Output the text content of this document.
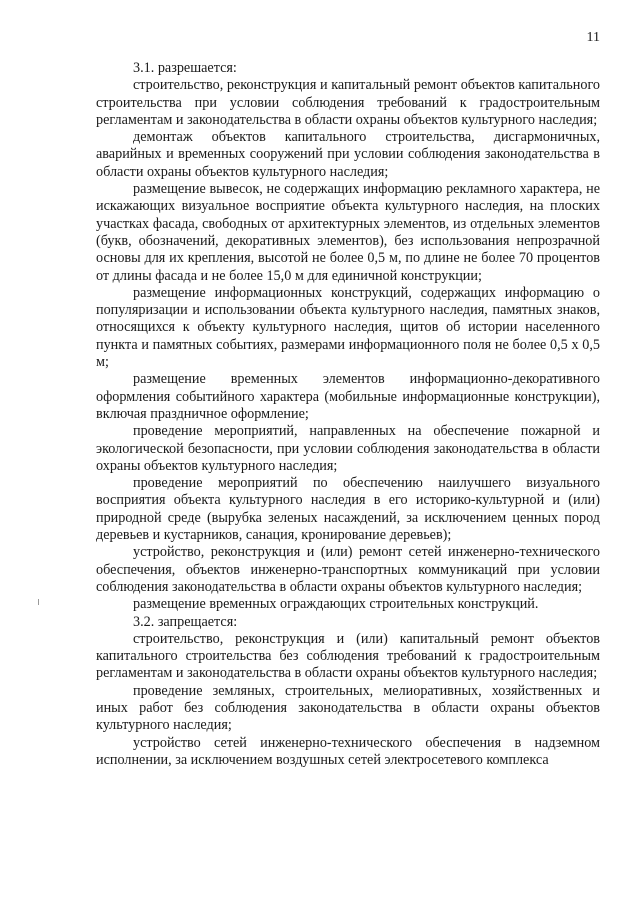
11

3.1. разрешается:

строительство, реконструкция и капитальный ремонт объектов капитального строительства при условии соблюдения требований к градостроительным регламентам и законодательства в области охраны объектов культурного наследия;

демонтаж объектов капитального строительства, дисгармоничных, аварийных и временных сооружений при условии соблюдения законодательства в области охраны объектов культурного наследия;

размещение вывесок, не содержащих информацию рекламного характера, не искажающих визуальное восприятие объекта культурного наследия, на плоских участках фасада, свободных от архитектурных элементов, из отдельных элементов (букв, обозначений, декоративных элементов), без использования непрозрачной основы для их крепления, высотой не более 0,5 м, по длине не более 70 процентов от длины фасада и не более 15,0 м для единичной конструкции;

размещение информационных конструкций, содержащих информацию о популяризации и использовании объекта культурного наследия, памятных знаков, относящихся к объекту культурного наследия, щитов об истории населенного пункта и памятных событиях, размерами информационного поля не более 0,5 х 0,5 м;

размещение временных элементов информационно-декоративного оформления событийного характера (мобильные информационные конструкции), включая праздничное оформление;

проведение мероприятий, направленных на обеспечение пожарной и экологической безопасности, при условии соблюдения законодательства в области охраны объектов культурного наследия;

проведение мероприятий по обеспечению наилучшего визуального восприятия объекта культурного наследия в его историко-культурной и (или) природной среде (вырубка зеленых насаждений, за исключением ценных пород деревьев и кустарников, санация, кронирование деревьев);

устройство, реконструкция и (или) ремонт сетей инженерно-технического обеспечения, объектов инженерно-транспортных коммуникаций при условии соблюдения законодательства в области охраны объектов культурного наследия;

размещение временных ограждающих строительных конструкций.

3.2. запрещается:

строительство, реконструкция и (или) капитальный ремонт объектов капитального строительства без соблюдения требований к градостроительным регламентам и законодательства в области охраны объектов культурного наследия;

проведение земляных, строительных, мелиоративных, хозяйственных и иных работ без соблюдения законодательства в области охраны объектов культурного наследия;

устройство сетей инженерно-технического обеспечения в надземном исполнении, за исключением воздушных сетей электросетевого комплекса
